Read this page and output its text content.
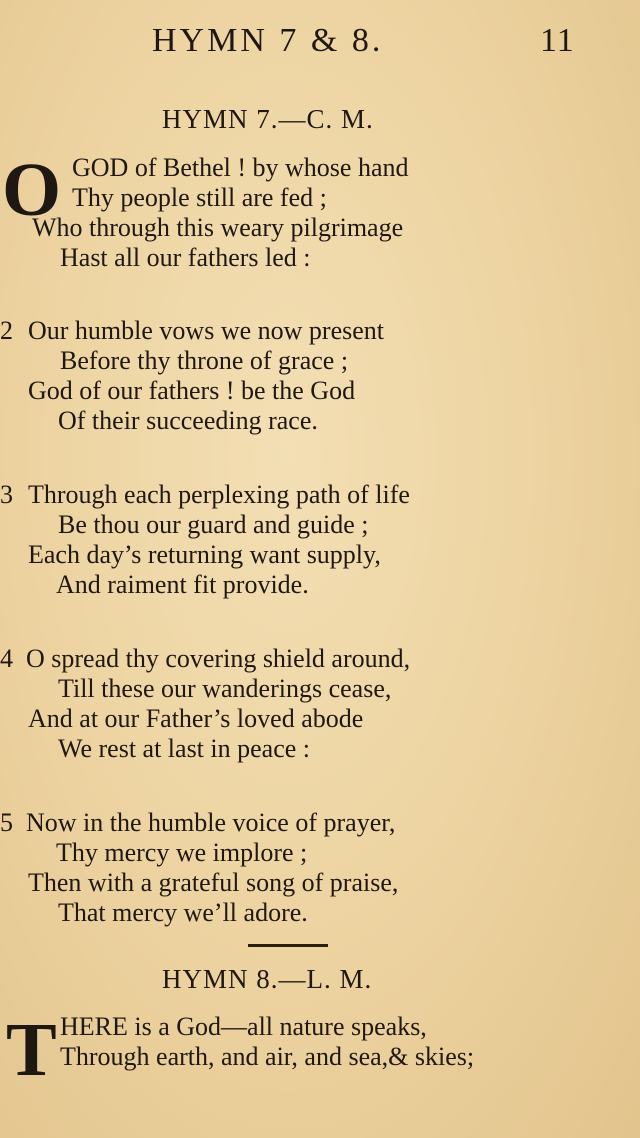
HYMN 7 & 8.	11
HYMN 7.—C. M.
O GOD of Bethel ! by whose hand
Thy people still are fed ;
Who through this weary pilgrimage
Hast all our fathers led :
2 Our humble vows we now present
Before thy throne of grace ;
God of our fathers ! be the God
Of their succeeding race.
3 Through each perplexing path of life
Be thou our guard and guide ;
Each day’s returning want supply,
And raiment fit provide.
4 O spread thy covering shield around,
Till these our wanderings cease,
And at our Father’s loved abode
We rest at last in peace :
5 Now in the humble voice of prayer,
Thy mercy we implore ;
Then with a grateful song of praise,
That mercy we’ll adore.
HYMN 8.—L. M.
T HERE is a God—all nature speaks,
Through earth, and air, and sea,& skies;
